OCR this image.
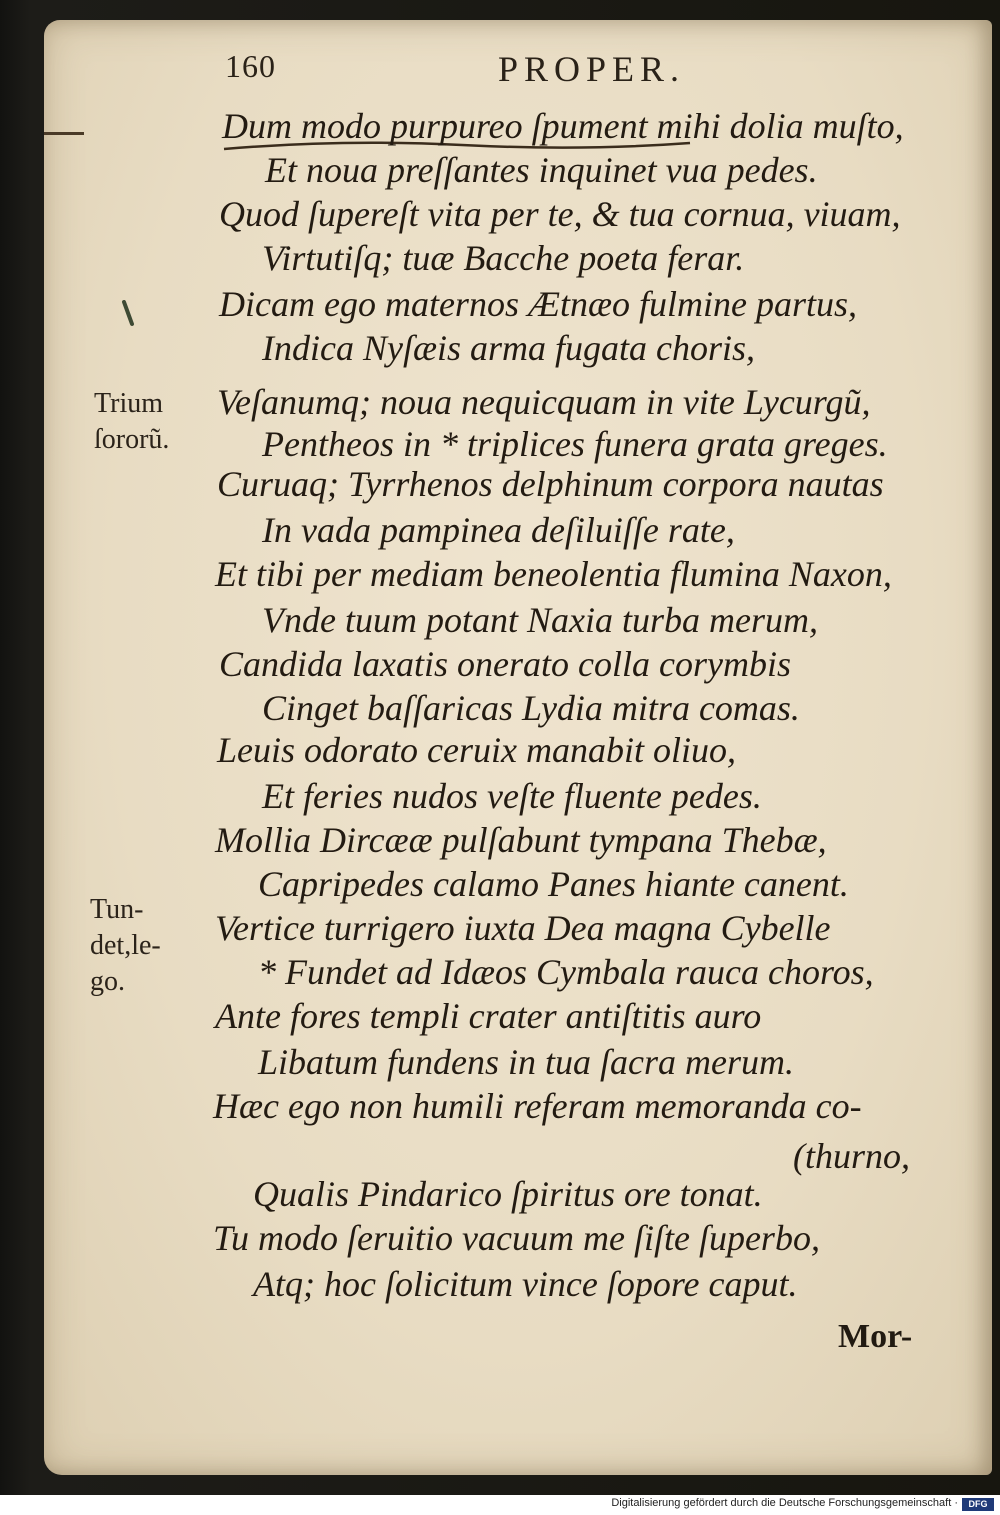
160	PROPER.
Dum modo purpureo ſpument mihi dolia muſto,
Et noua preſſantes inquinet vua pedes.
Quod ſupereſt vita per te, & tua cornua, viuam,
Virtutiſq; tuæ Bacche poeta ferar.
Dicam ego maternos Ætnæo fulmine partus,
Indica Nyſæis arma fugata choris,
Veſanumq; noua nequicquam in vite Lycurgũ,
Pentheos in * triplices funera grata greges.
Curuaq; Tyrrhenos delphinum corpora nautas
In vada pampinea deſiluiſſe rate,
Et tibi per mediam beneolentia flumina Naxon,
Vnde tuum potant Naxia turba merum,
Candida laxatis onerato colla corymbis
Cinget baſſaricas Lydia mitra comas.
Leuis odorato ceruix manabit oliuo,
Et feries nudos veſte fluente pedes.
Mollia Dircææ pulſabunt tympana Thebæ,
Capripedes calamo Panes hiante canent.
Vertice turrigero iuxta Dea magna Cybelle
* Fundet ad Idæos Cymbala rauca choros,
Ante fores templi crater antiſtitis auro
Libatum fundens in tua ſacra merum.
Hæc ego non humili referam memoranda co-
(thurno,
Qualis Pindarico ſpiritus ore tonat.
Tu modo ſeruitio vacuum me ſiſte ſuperbo,
Atq; hoc ſolicitum vince ſopore caput.
Trium
ſororũ.
Tun-
det,le-
go.
Mor-
Digitalisierung gefördert durch die Deutsche Forschungsgemeinschaft ·	DFG
